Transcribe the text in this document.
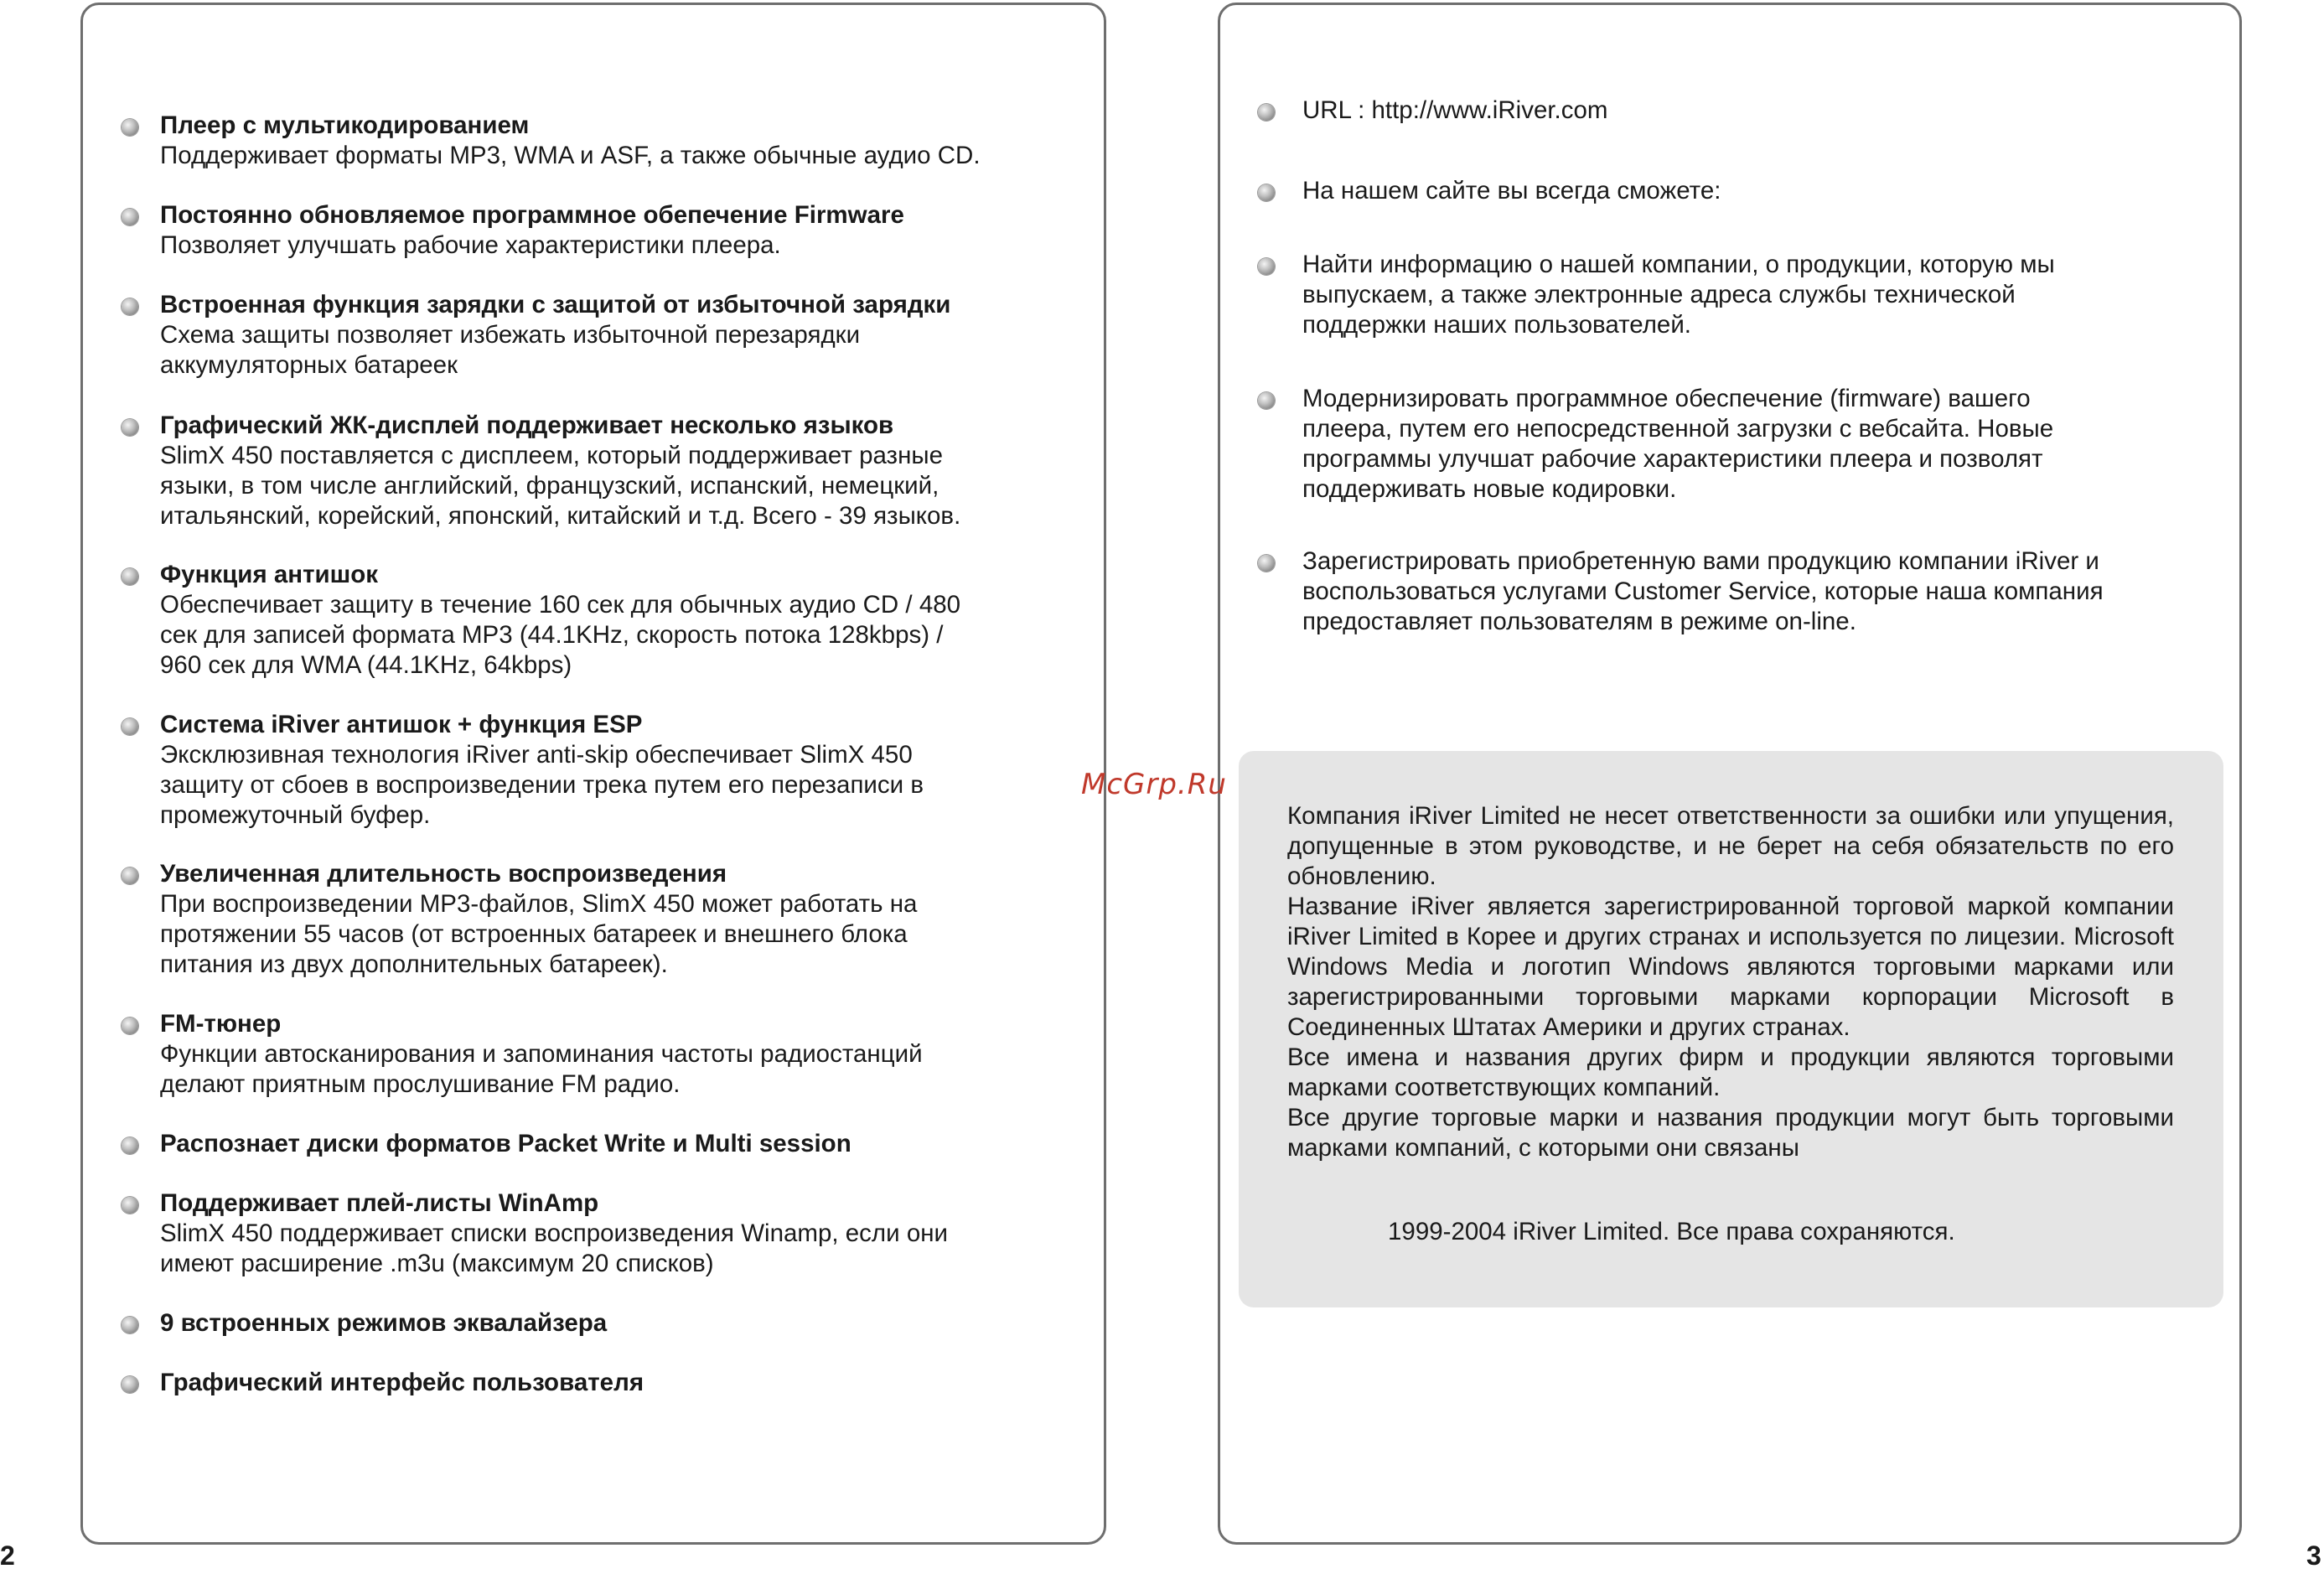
Плеер с мультикодированием
Поддерживает форматы MP3, WMA и ASF, а также обычные аудио CD.
Постоянно обновляемое программное обепечение Firmware
Позволяет улучшать рабочие характеристики плеера.
Встроенная функция зарядки с защитой от избыточной зарядки
Схема защиты позволяет избежать избыточной перезарядки
аккумуляторных батареек
Графический ЖК-дисплей поддерживает несколько языков
SlimX 450 поставляется с дисплеем, который поддерживает разные
языки, в том числе английский, французский, испанский, немецкий,
итальянский, корейский, японский, китайский и т.д. Всего - 39 языков.
Функция антишок
Обеспечивает защиту в течение 160 сек для обычных аудио CD / 480
сек для записей формата MP3 (44.1KHz, скорость потока 128kbps) /
960 сек для WMA (44.1KHz, 64kbps)
Система iRiver антишок + функция ESP
Эксклюзивная технология iRiver anti-skip обеспечивает SlimX 450
защиту от сбоев в воспроизведении трека путем его перезаписи в
промежуточный буфер.
Увеличенная длительность воспроизведения
При воспроизведении MP3-файлов, SlimX 450 может работать на
протяжении 55 часов (от встроенных батареек и внешнего блока
питания из двух дополнительных батареек).
FM-тюнер
Функции автосканирования и запоминания частоты радиостанций
делают приятным прослушивание FM радио.
Распознает диски форматов Packet Write и Multi session
Поддерживает плей-листы WinAmp
SlimX 450 поддерживает списки воспроизведения Winamp, если они
имеют расширение .m3u (максимум 20 списков)
9 встроенных режимов эквалайзера
Графический интерфейс пользователя
URL : http://www.iRiver.com
На нашем сайте вы всегда сможете:
Найти информацию о нашей компании, о продукции, которую мы
выпускаем, а также электронные адреса службы технической
поддержки наших пользователей.
Модернизировать программное обеспечение (firmware) вашего
плеера, путем его непосредственной загрузки с вебсайта. Новые
программы улучшат рабочие характеристики плеера и позволят
поддерживать новые кодировки.
Зарегистрировать приобретенную вами продукцию компании iRiver и
воспользоваться услугами Customer Service, которые наша компания
предоставляет пользователям в режиме on-line.

Компания iRiver Limited не несет ответственности за ошибки или упущения, допущенные в этом руководстве, и не берет на себя обязательств по его обновлению.

Название iRiver является зарегистрированной торговой маркой компании iRiver Limited в Корее и других странах и используется по лицезии. Microsoft Windows Media и логотип Windows являются торговыми марками или зарегистрированными торговыми марками корпорации Microsoft в Соединенных Штатах Америки и других странах.

Все имена и названия других фирм и продукции являются торговыми марками соответствующих компаний.

Все другие торговые марки и названия продукции могут быть торговыми марками компаний, с которыми они связаны

1999-2004 iRiver Limited. Все права сохраняются.
McGrp.Ru
2	3
